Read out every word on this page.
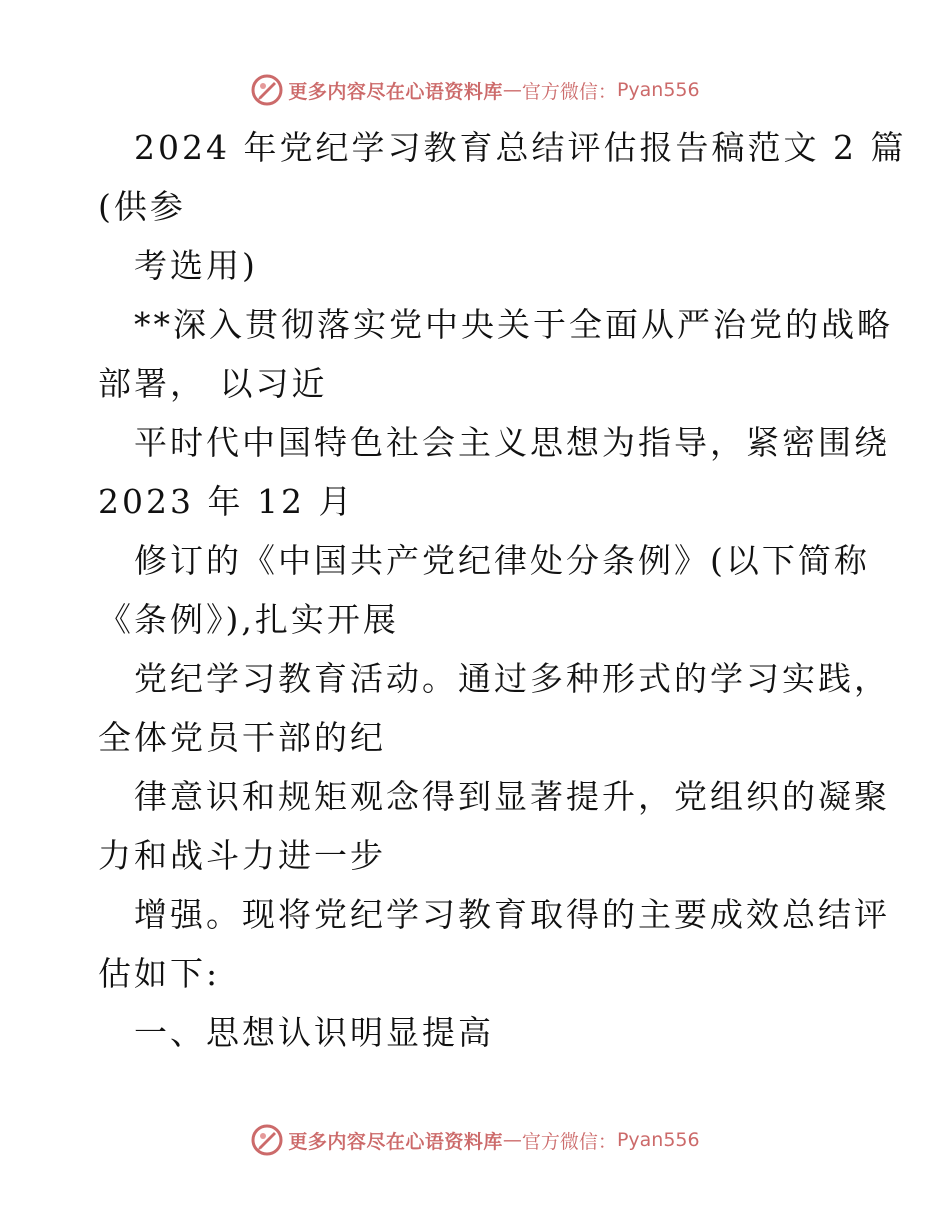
更多内容尽在心语资料库 — 官方微信： Pyan556
2024 年党纪学习教育总结评估报告稿范文 2 篇
(供参
考选用)
**深入贯彻落实党中央关于全面从严治党的战略
部署， 以习近
平时代中国特色社会主义思想为指导，紧密围绕
2023 年 12 月
修订的《中国共产党纪律处分条例》(以下简称
《条例》),扎实开展
党纪学习教育活动。通过多种形式的学习实践，
全体党员干部的纪
律意识和规矩观念得到显著提升，党组织的凝聚
力和战斗力进一步
增强。现将党纪学习教育取得的主要成效总结评
估如下:
一、思想认识明显提高
更多内容尽在心语资料库 — 官方微信： Pyan556
